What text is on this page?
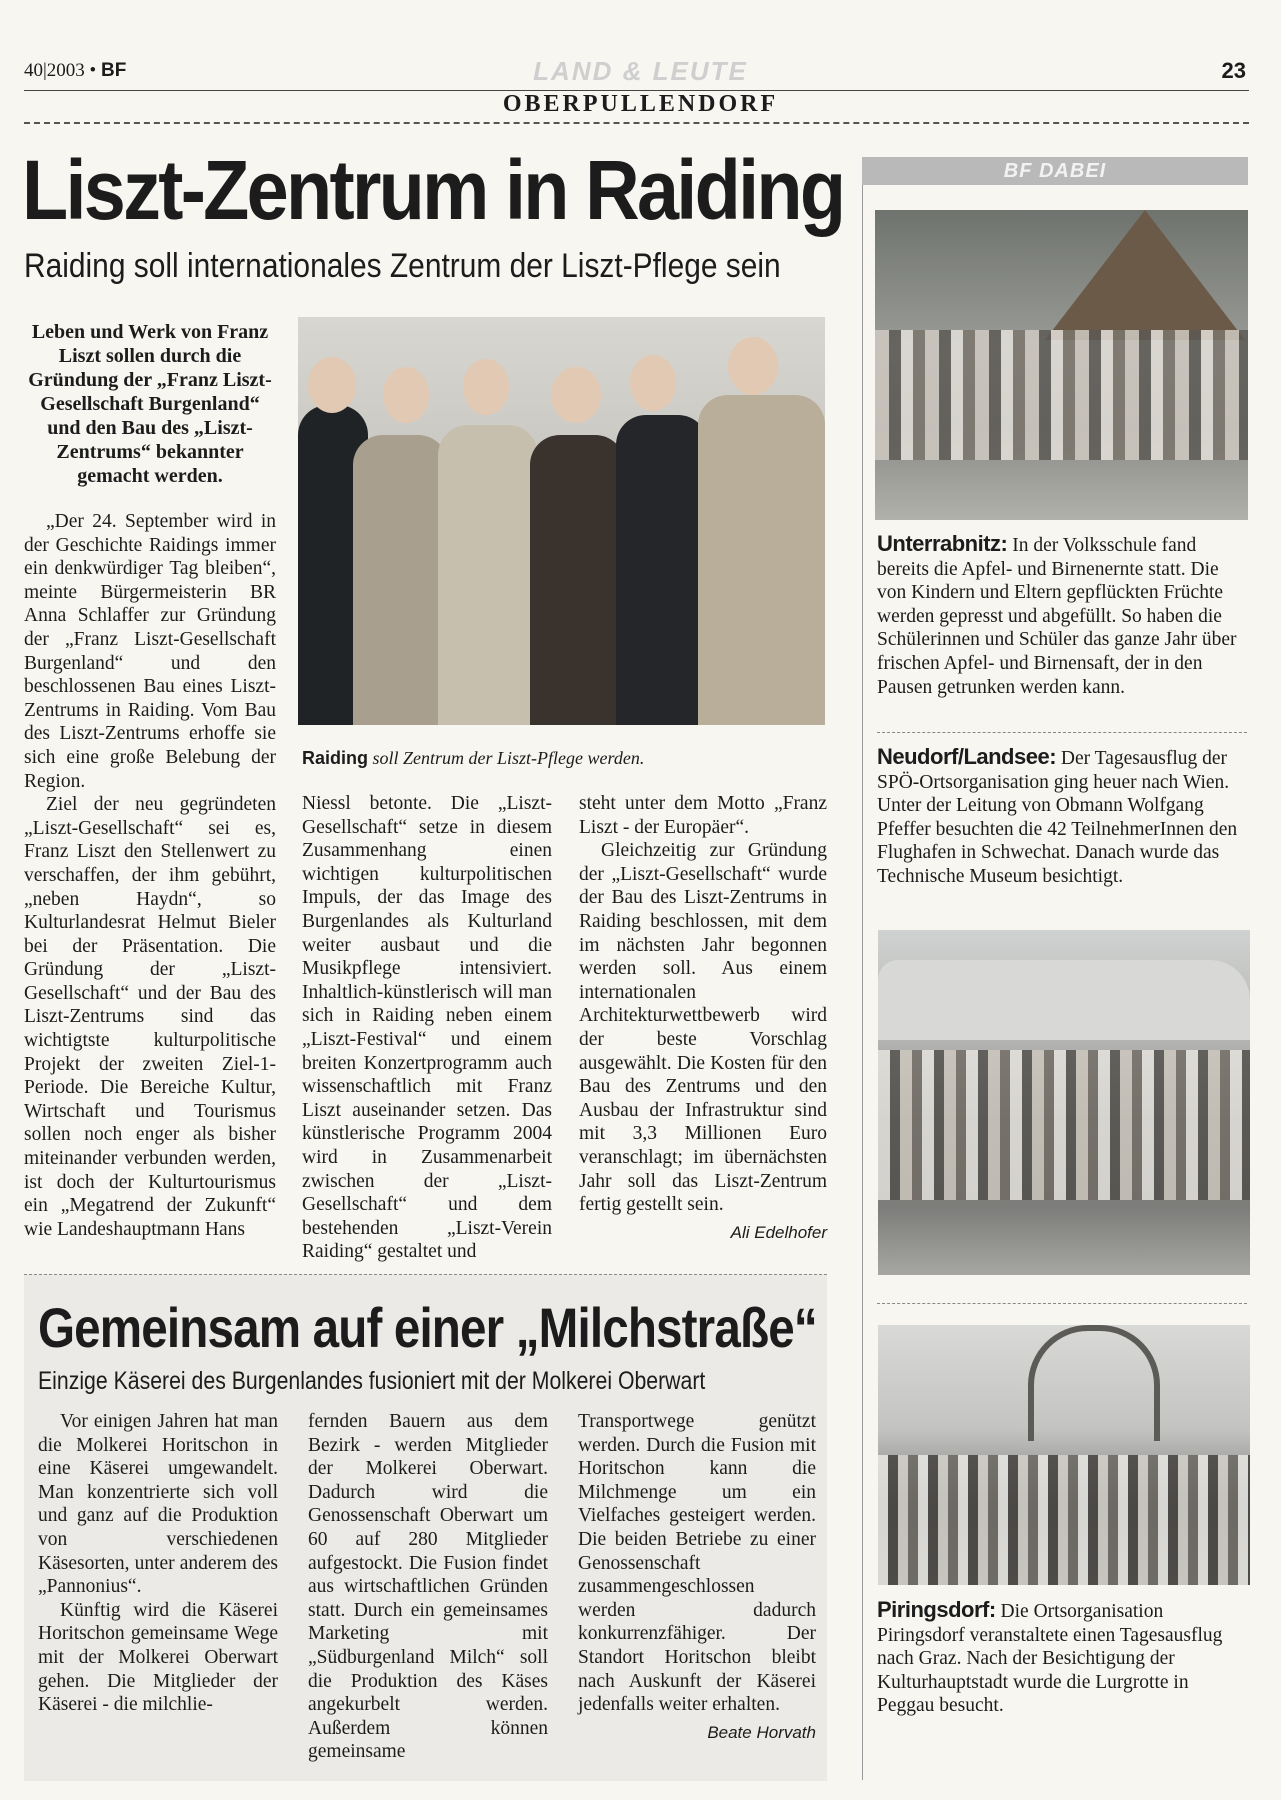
40|2003 • BF	LAND & LEUTE	23
OBERPULLENDORF
Liszt-Zentrum in Raiding
Raiding soll internationales Zentrum der Liszt-Pflege sein
Leben und Werk von Franz Liszt sollen durch die Gründung der „Franz Liszt-Gesellschaft Burgenland“ und den Bau des „Liszt-Zentrums“ bekannter gemacht werden.
Raiding soll Zentrum der Liszt-Pflege werden.

„Der 24. September wird in der Geschichte Raidings immer ein denkwürdiger Tag bleiben“, meinte Bürgermeisterin BR Anna Schlaffer zur Gründung der „Franz Liszt-Gesellschaft Burgenland“ und den beschlossenen Bau eines Liszt-Zentrums in Raiding. Vom Bau des Liszt-Zentrums erhoffe sie sich eine große Belebung der Region.

Ziel der neu gegründeten „Liszt-Gesellschaft“ sei es, Franz Liszt den Stellenwert zu verschaffen, der ihm gebührt, „neben Haydn“, so Kulturlandesrat Helmut Bieler bei der Präsentation. Die Gründung der „Liszt-Gesellschaft“ und der Bau des Liszt-Zentrums sind das wichtigtste kulturpolitische Projekt der zweiten Ziel-1-Periode. Die Bereiche Kultur, Wirtschaft und Tourismus sollen noch enger als bisher miteinander verbunden werden, ist doch der Kulturtourismus ein „Megatrend der Zukunft“ wie Landeshauptmann Hans

Niessl betonte. Die „Liszt-Gesellschaft“ setze in diesem Zusammenhang einen wichtigen kulturpolitischen Impuls, der das Image des Burgenlandes als Kulturland weiter ausbaut und die Musikpflege intensiviert. Inhaltlich-künstlerisch will man sich in Raiding neben einem „Liszt-Festival“ und einem breiten Konzertprogramm auch wissenschaftlich mit Franz Liszt auseinander setzen. Das künstlerische Programm 2004 wird in Zusammenarbeit zwischen der „Liszt-Gesellschaft“ und dem bestehenden „Liszt-Verein Raiding“ gestaltet und

steht unter dem Motto „Franz Liszt - der Europäer“.

Gleichzeitig zur Gründung der „Liszt-Gesellschaft“ wurde der Bau des Liszt-Zentrums in Raiding beschlossen, mit dem im nächsten Jahr begonnen werden soll. Aus einem internationalen Architekturwettbewerb wird der beste Vorschlag ausgewählt. Die Kosten für den Bau des Zentrums und den Ausbau der Infrastruktur sind mit 3,3 Millionen Euro veranschlagt; im übernächsten Jahr soll das Liszt-Zentrum fertig gestellt sein.

Ali Edelhofer
BF DABEI
Unterrabnitz: In der Volksschule fand bereits die Apfel- und Birnenernte statt. Die von Kindern und Eltern gepflückten Früchte werden gepresst und abgefüllt. So haben die Schülerinnen und Schüler das ganze Jahr über frischen Apfel- und Birnensaft, der in den Pausen getrunken werden kann.
Neudorf/Landsee: Der Tagesausflug der SPÖ-Ortsorganisation ging heuer nach Wien. Unter der Leitung von Obmann Wolfgang Pfeffer besuchten die 42 TeilnehmerInnen den Flughafen in Schwechat. Danach wurde das Technische Museum besichtigt.
Piringsdorf: Die Ortsorganisation Piringsdorf veranstaltete einen Tagesausflug nach Graz. Nach der Besichtigung der Kulturhauptstadt wurde die Lurgrotte in Peggau besucht.
Gemeinsam auf einer „Milchstraße“
Einzige Käserei des Burgenlandes fusioniert mit der Molkerei Oberwart

Vor einigen Jahren hat man die Molkerei Horitschon in eine Käserei umgewandelt. Man konzentrierte sich voll und ganz auf die Produktion von verschiedenen Käsesorten, unter anderem des „Pannonius“.

Künftig wird die Käserei Horitschon gemeinsame Wege mit der Molkerei Oberwart gehen. Die Mitglieder der Käserei - die milchlie-

fernden Bauern aus dem Bezirk - werden Mitglieder der Molkerei Oberwart. Dadurch wird die Genossenschaft Oberwart um 60 auf 280 Mitglieder aufgestockt. Die Fusion findet aus wirtschaftlichen Gründen statt. Durch ein gemeinsames Marketing mit „Südburgenland Milch“ soll die Produktion des Käses angekurbelt werden. Außerdem können gemeinsame

Transportwege genützt werden. Durch die Fusion mit Horitschon kann die Milchmenge um ein Vielfaches gesteigert werden. Die beiden Betriebe zu einer Genossenschaft zusammengeschlossen werden dadurch konkurrenzfähiger. Der Standort Horitschon bleibt nach Auskunft der Käserei jedenfalls weiter erhalten.

Beate Horvath
